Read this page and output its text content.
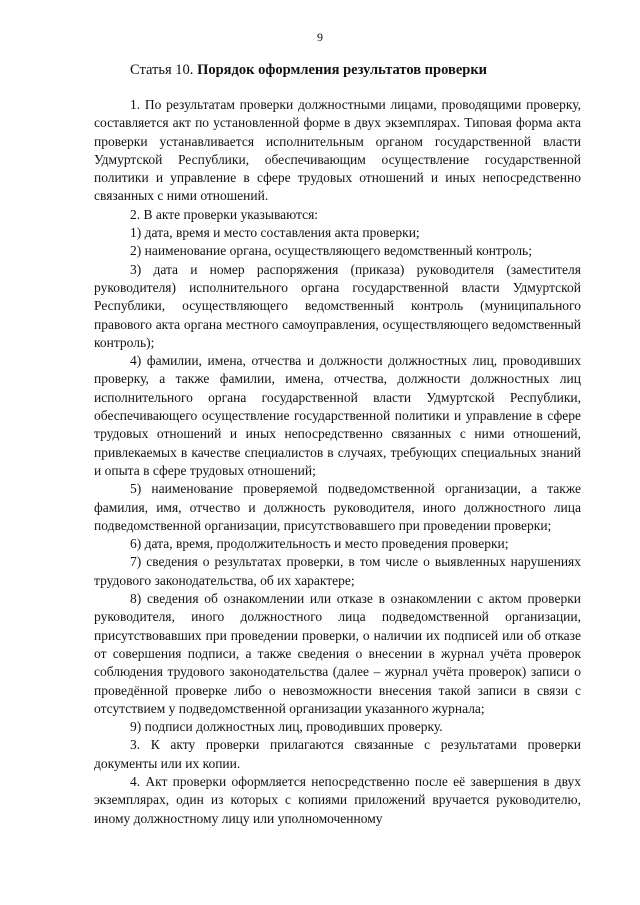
9
Статья 10. Порядок оформления результатов проверки

1. По результатам проверки должностными лицами, проводящими проверку, составляется акт по установленной форме в двух экземплярах. Типовая форма акта проверки устанавливается исполнительным органом государственной власти Удмуртской Республики, обеспечивающим осуществление государственной политики и управление в сфере трудовых отношений и иных непосредственно связанных с ними отношений.

2. В акте проверки указываются:

1) дата, время и место составления акта проверки;

2) наименование органа, осуществляющего ведомственный контроль;

3) дата и номер распоряжения (приказа) руководителя (заместителя руководителя) исполнительного органа государственной власти Удмуртской Республики, осуществляющего ведомственный контроль (муниципального правового акта органа местного самоуправления, осуществляющего ведомственный контроль);

4) фамилии, имена, отчества и должности должностных лиц, проводивших проверку, а также фамилии, имена, отчества, должности должностных лиц исполнительного органа государственной власти Удмуртской Республики, обеспечивающего осуществление государственной политики и управление в сфере трудовых отношений и иных непосредственно связанных с ними отношений, привлекаемых в качестве специалистов в случаях, требующих специальных знаний и опыта в сфере трудовых отношений;

5) наименование проверяемой подведомственной организации, а также фамилия, имя, отчество и должность руководителя, иного должностного лица подведомственной организации, присутствовавшего при проведении проверки;

6) дата, время, продолжительность и место проведения проверки;

7) сведения о результатах проверки, в том числе о выявленных нарушениях трудового законодательства, об их характере;

8) сведения об ознакомлении или отказе в ознакомлении с актом проверки руководителя, иного должностного лица подведомственной организации, присутствовавших при проведении проверки, о наличии их подписей или об отказе от совершения подписи, а также сведения о внесении в журнал учёта проверок соблюдения трудового законодательства (далее – журнал учёта проверок) записи о проведённой проверке либо о невозможности внесения такой записи в связи с отсутствием у подведомственной организации указанного журнала;

9) подписи должностных лиц, проводивших проверку.

3. К акту проверки прилагаются связанные с результатами проверки документы или их копии.

4. Акт проверки оформляется непосредственно после её завершения в двух экземплярах, один из которых с копиями приложений вручается руководителю, иному должностному лицу или уполномоченному
